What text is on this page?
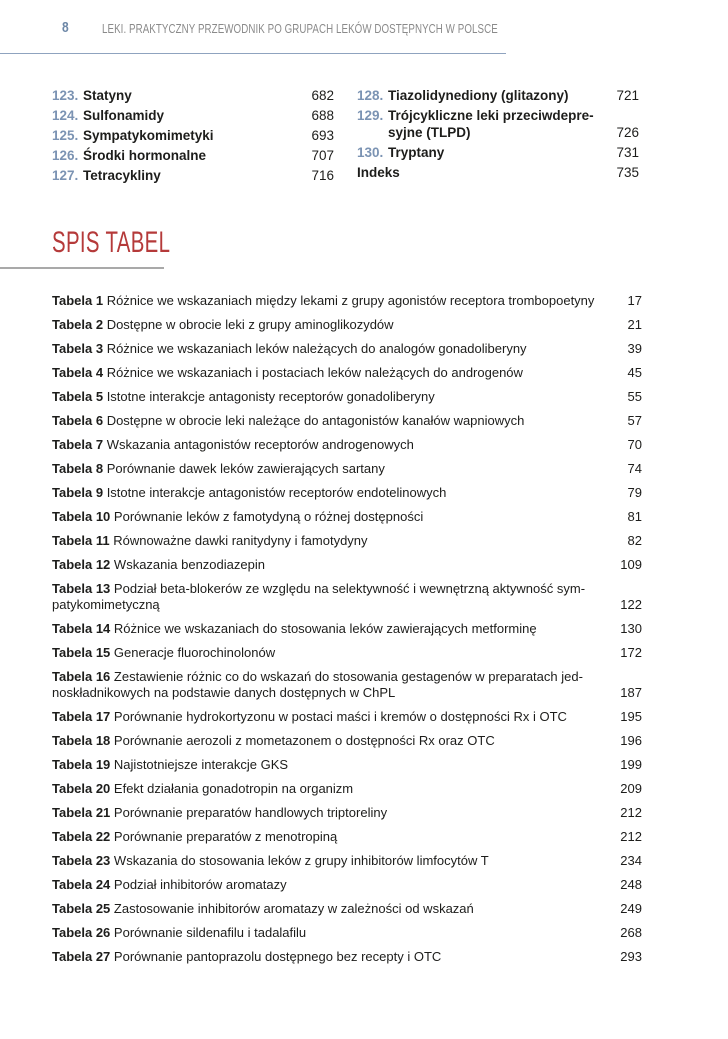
8	LEKI. PRAKTYCZNY PRZEWODNIK PO GRUPACH LEKÓW DOSTĘPNYCH W POLSCE
123. Statyny	682
124. Sulfonamidy	688
125. Sympatykomimetyki	693
126. Środki hormonalne	707
127. Tetracykliny	716
128. Tiazolidynediony (glitazony)	721
129. Trójcykliczne leki przeciwdepre-syjne (TLPD)	726
130. Tryptany	731
Indeks	735
SPIS TABEL
Tabela 1 Różnice we wskazaniach między lekami z grupy agonistów receptora trombopoetyny	17
Tabela 2 Dostępne w obrocie leki z grupy aminoglikozydów	21
Tabela 3 Różnice we wskazaniach leków należących do analogów gonadoliberyny	39
Tabela 4 Różnice we wskazaniach i postaciach leków należących do androgenów	45
Tabela 5 Istotne interakcje antagonisty receptorów gonadoliberyny	55
Tabela 6 Dostępne w obrocie leki należące do antagonistów kanałów wapniowych	57
Tabela 7 Wskazania antagonistów receptorów androgenowych	70
Tabela 8 Porównanie dawek leków zawierających sartany	74
Tabela 9 Istotne interakcje antagonistów receptorów endotelinowych	79
Tabela 10 Porównanie leków z famotydyną o różnej dostępności	81
Tabela 11 Równoważne dawki ranitydyny i famotydyny	82
Tabela 12 Wskazania benzodiazepin	109
Tabela 13 Podział beta-blokerów ze względu na selektywność i wewnętrzną aktywność sym-patykomimetyczną	122
Tabela 14 Różnice we wskazaniach do stosowania leków zawierających metforminę	130
Tabela 15 Generacje fluorochinolonów	172
Tabela 16 Zestawienie różnic co do wskazań do stosowania gestagenów w preparatach jed-noskładnikowych na podstawie danych dostępnych w ChPL	187
Tabela 17 Porównanie hydrokortyzonu w postaci maści i kremów o dostępności Rx i OTC	195
Tabela 18 Porównanie aerozoli z mometazonem o dostępności Rx oraz OTC	196
Tabela 19 Najistotniejsze interakcje GKS	199
Tabela 20 Efekt działania gonadotropin na organizm	209
Tabela 21 Porównanie preparatów handlowych triptoreliny	212
Tabela 22 Porównanie preparatów z menotropiną	212
Tabela 23 Wskazania do stosowania leków z grupy inhibitorów limfocytów T	234
Tabela 24 Podział inhibitorów aromatazy	248
Tabela 25 Zastosowanie inhibitorów aromatazy w zależności od wskazań	249
Tabela 26 Porównanie sildenafilu i tadalafilu	268
Tabela 27 Porównanie pantoprazolu dostępnego bez recepty i OTC	293
